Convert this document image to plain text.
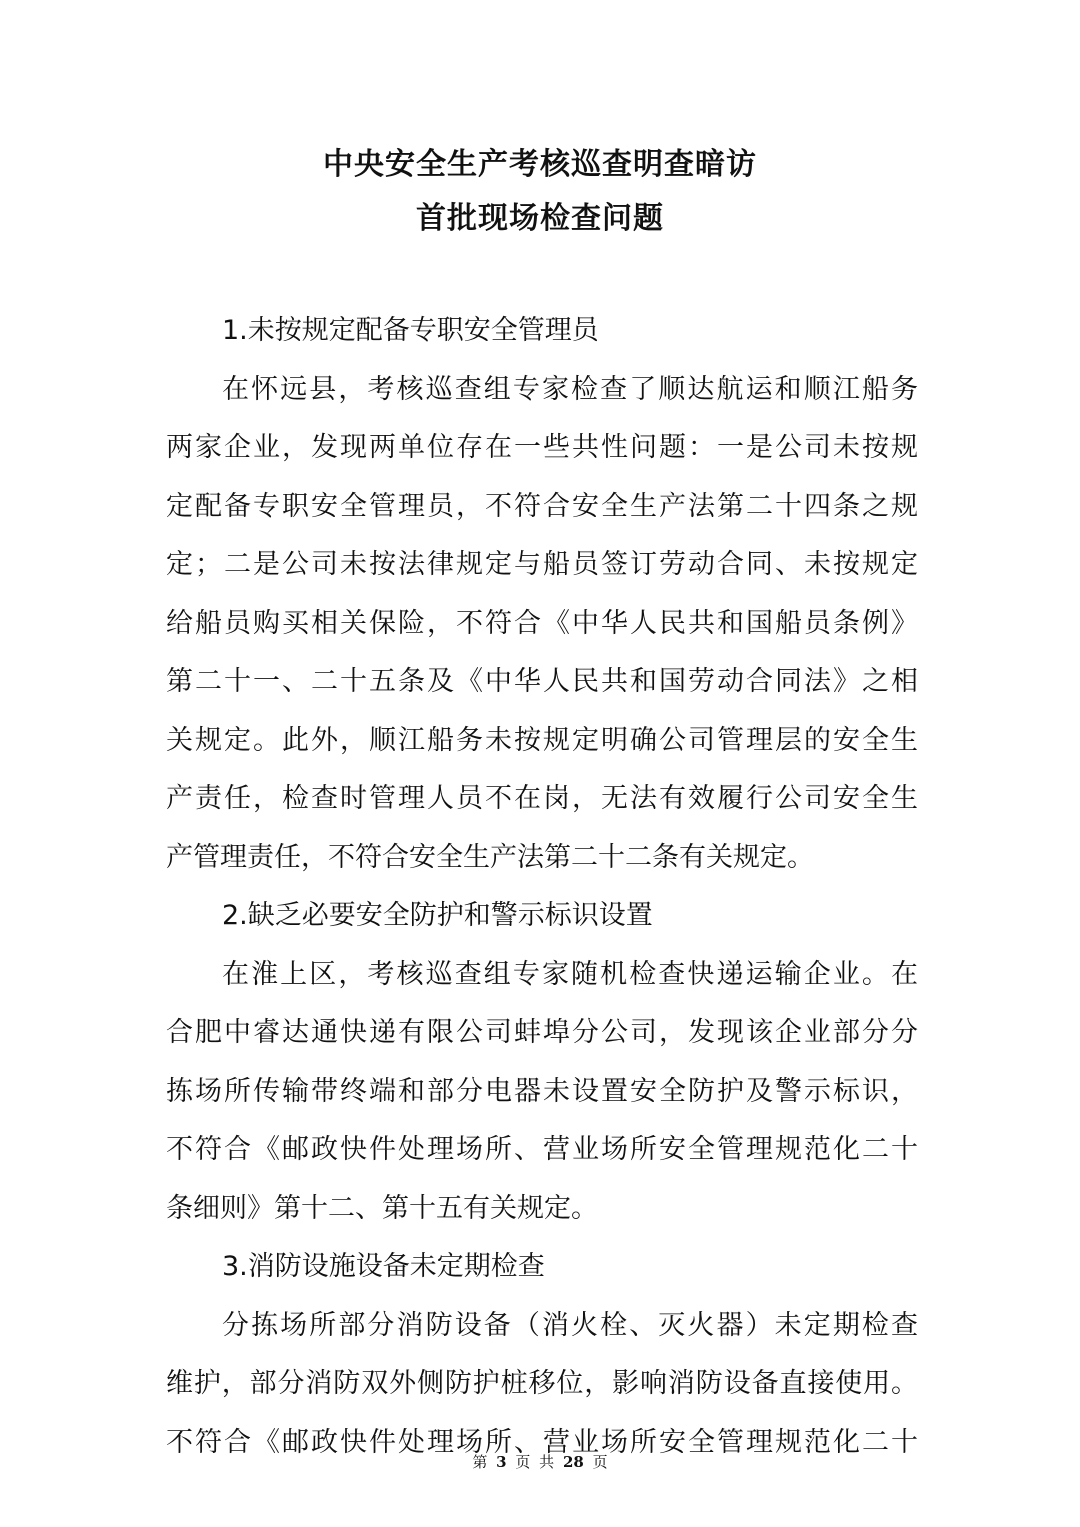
中央安全生产考核巡查明查暗访
首批现场检查问题

1.未按规定配备专职安全管理员

在怀远县，考核巡查组专家检查了顺达航运和顺江船务
两家企业，发现两单位存在一些共性问题：一是公司未按规
定配备专职安全管理员，不符合安全生产法第二十四条之规
定；二是公司未按法律规定与船员签订劳动合同、未按规定
给船员购买相关保险，不符合《中华人民共和国船员条例》
第二十一、二十五条及《中华人民共和国劳动合同法》之相
关规定。此外，顺江船务未按规定明确公司管理层的安全生
产责任，检查时管理人员不在岗，无法有效履行公司安全生
产管理责任，不符合安全生产法第二十二条有关规定。

2.缺乏必要安全防护和警示标识设置

在淮上区，考核巡查组专家随机检查快递运输企业。在
合肥中睿达通快递有限公司蚌埠分公司，发现该企业部分分
拣场所传输带终端和部分电器未设置安全防护及警示标识，
不符合《邮政快件处理场所、营业场所安全管理规范化二十
条细则》第十二、第十五有关规定。

3.消防设施设备未定期检查

分拣场所部分消防设备（消火栓、灭火器）未定期检查
维护，部分消防双外侧防护桩移位，影响消防设备直接使用。
不符合《邮政快件处理场所、营业场所安全管理规范化二十

第 3 页 共 28 页
